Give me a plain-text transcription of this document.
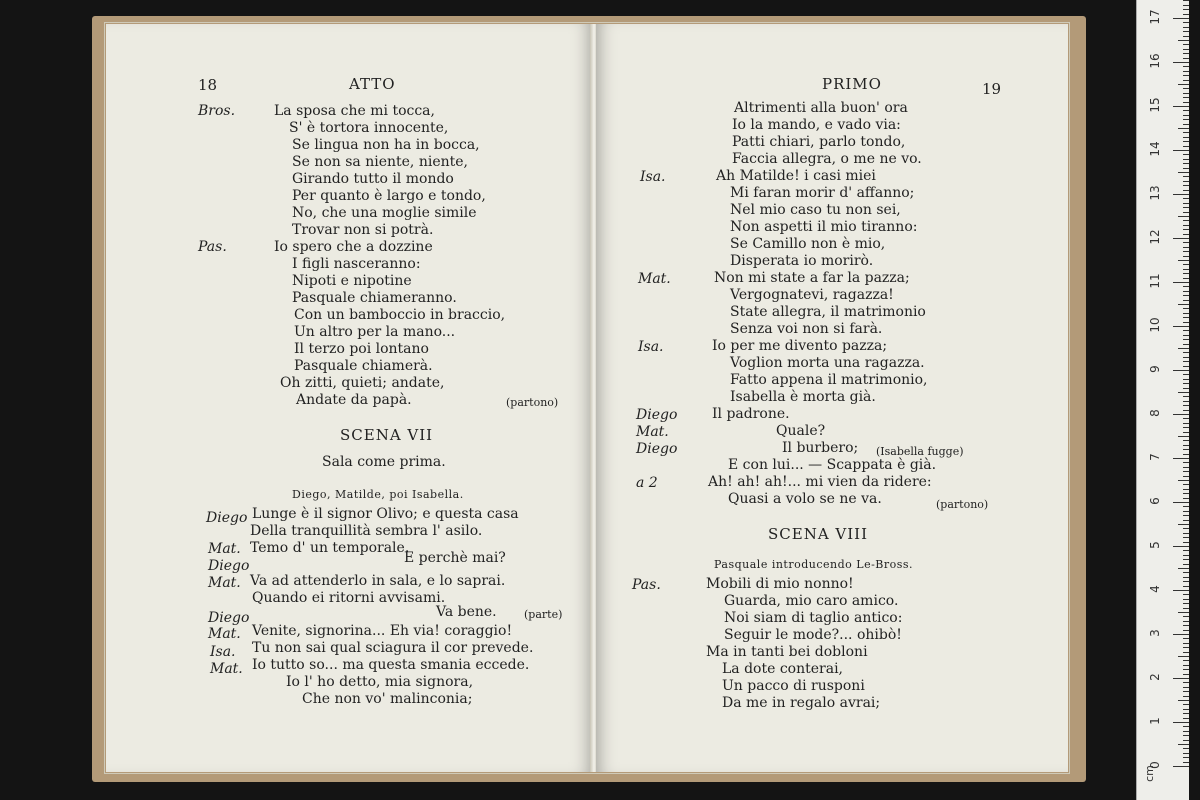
18	ATTO
Bros.	La sposa che mi tocca,
S' è tortora innocente,
Se lingua non ha in bocca,
Se non sa niente, niente,
Girando tutto il mondo
Per quanto è largo e tondo,
No, che una moglie simile
Trovar non si potrà.
Pas.	Io spero che a dozzine
I figli nasceranno:
Nipoti e nipotine
Pasquale chiameranno.
Con un bamboccio in braccio,
Un altro per la mano...
Il terzo poi lontano
Pasquale chiamerà.
Oh zitti, quieti; andate,
Andate da papà.	(partono)
SCENA VII
Sala come prima.
Diego, Matilde, poi Isabella.
Diego Lunge è il signor Olivo; e questa casa
Della tranquillità sembra l' asilo.
Mat. Temo d' un temporale.
Diego	E perchè mai?
Mat. Va ad attenderlo in sala, e lo saprai.
Quando ei ritorni avvisami.
Diego	Va bene. (parte)
Mat. Venite, signorina... Eh via! coraggio!
Isa. Tu non sai qual sciagura il cor prevede.
Mat. Io tutto so... ma questa smania eccede.
Io l' ho detto, mia signora,
Che non vo' malinconia;
PRIMO	19
Altrimenti alla buon' ora
Io la mando, e vado via:
Patti chiari, parlo tondo,
Faccia allegra, o me ne vo.
Isa.	Ah Matilde! i casi miei
Mi faran morir d' affanno;
Nel mio caso tu non sei,
Non aspetti il mio tiranno:
Se Camillo non è mio,
Disperata io morirò.
Mat.	Non mi state a far la pazza;
Vergognatevi, ragazza!
State allegra, il matrimonio
Senza voi non si farà.
Isa.	Io per me divento pazza;
Voglion morta una ragazza.
Fatto appena il matrimonio,
Isabella è morta già.
Diego Il padrone.
Mat.	Quale?
Diego	Il burbero; (Isabella fugge)
E con lui... — Scappata è già.
a 2	Ah! ah! ah!... mi vien da ridere:
Quasi a volo se ne va.	(partono)
SCENA VIII
Pasquale introducendo Le-Bross.
Pas.	Mobili di mio nonno!
Guarda, mio caro amico.
Noi siam di taglio antico:
Seguir le mode?... ohibò!
Ma in tanti bei dobloni
La dote conterai,
Un pacco di rusponi
Da me in regalo avrai;
0
1
2
3
4
5
6
7
8
9
10
11
12
13
14
15
16
17
cm
